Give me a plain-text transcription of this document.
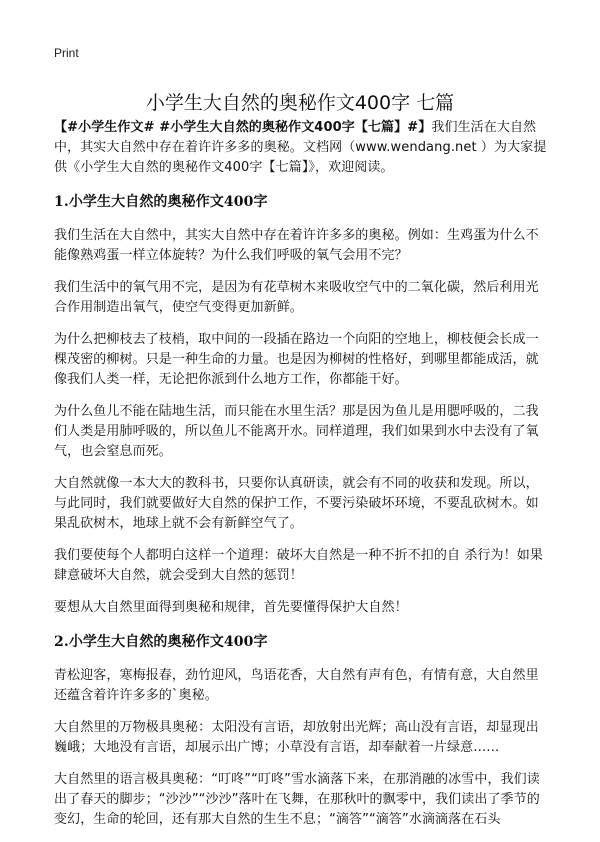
Print
小学生大自然的奥秘作文400字 七篇

【#小学生作文# #小学生大自然的奥秘作文400字【七篇】#】我们生活在大自然中，其实大自然中存在着许许多多的奥秘。文档网（www.wendang.net ）为大家提供《小学生大自然的奥秘作文400字【七篇】》，欢迎阅读。

1.小学生大自然的奥秘作文400字

我们生活在大自然中，其实大自然中存在着许许多多的奥秘。例如：生鸡蛋为什么不能像熟鸡蛋一样立体旋转？为什么我们呼吸的氧气会用不完？

我们生活中的氧气用不完，是因为有花草树木来吸收空气中的二氧化碳，然后利用光合作用制造出氧气，使空气变得更加新鲜。

为什么把柳枝去了枝梢，取中间的一段插在路边一个向阳的空地上，柳枝便会长成一棵茂密的柳树。只是一种生命的力量。也是因为柳树的性格好，到哪里都能成活，就像我们人类一样，无论把你派到什么地方工作，你都能干好。

为什么鱼儿不能在陆地生活，而只能在水里生活？那是因为鱼儿是用腮呼吸的，二我们人类是用肺呼吸的，所以鱼儿不能离开水。同样道理，我们如果到水中去没有了氧气，也会窒息而死。

大自然就像一本大大的教科书，只要你认真研读，就会有不同的收获和发现。所以，与此同时，我们就要做好大自然的保护工作，不要污染破坏环境，不要乱砍树木。如果乱砍树木，地球上就不会有新鲜空气了。

我们要使每个人都明白这样一个道理：破坏大自然是一种不折不扣的自 杀行为！如果肆意破坏大自然，就会受到大自然的惩罚！

要想从大自然里面得到奥秘和规律，首先要懂得保护大自然！

2.小学生大自然的奥秘作文400字

青松迎客，寒梅报春，劲竹迎风，鸟语花香，大自然有声有色，有情有意，大自然里还蕴含着许许多多的`奥秘。

大自然里的万物极具奥秘：太阳没有言语，却放射出光辉；高山没有言语，却显现出巍峨；大地没有言语，却展示出广博；小草没有言语，却奉献着一片绿意……

大自然里的语言极具奥秘：“叮咚”“叮咚”雪水滴落下来，在那消融的冰雪中，我们读出了春天的脚步；“沙沙”“沙沙”落叶在飞舞，在那秋叶的飘零中，我们读出了季节的变幻，生命的轮回，还有那大自然的生生不息；“滴答”“滴答”水滴滴落在石头
